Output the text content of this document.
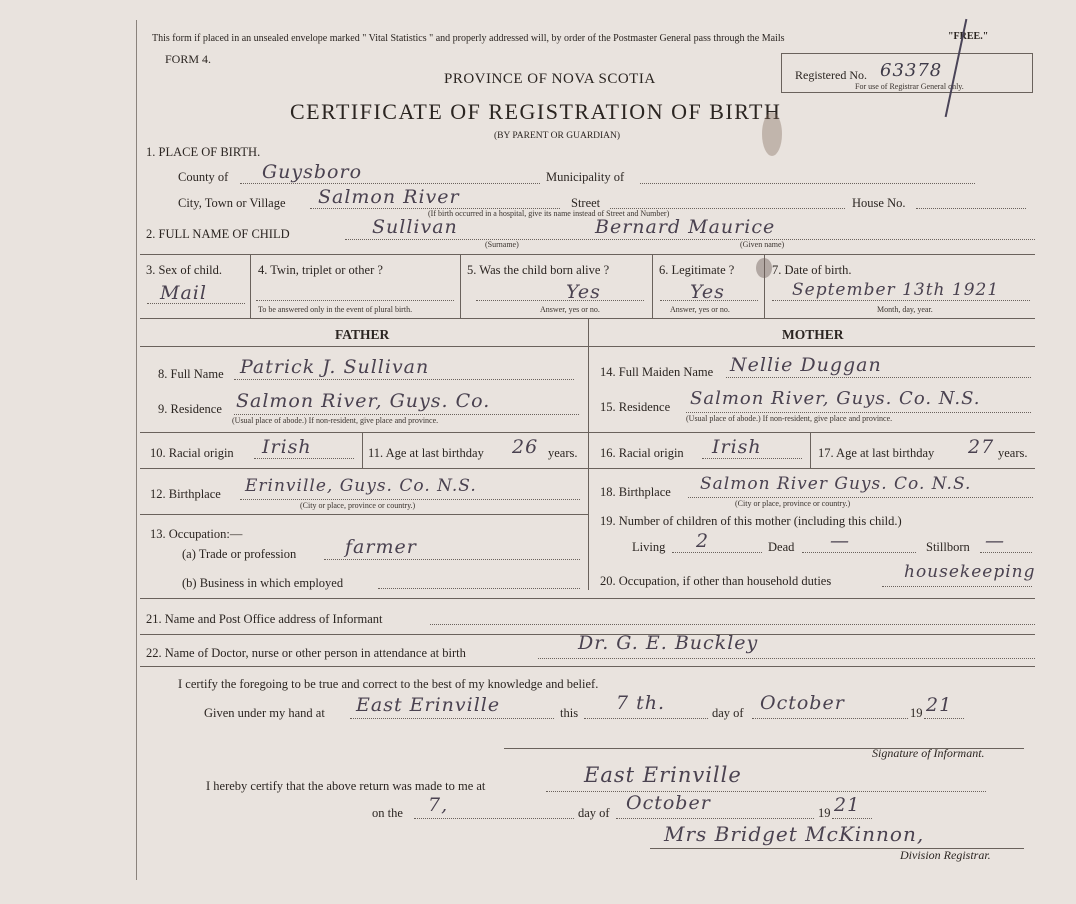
This form if placed in an unsealed envelope marked " Vital Statistics " and properly addressed will, by order of the Postmaster General pass through the Mails	"FREE."
FORM 4.
PROVINCE OF NOVA SCOTIA
CERTIFICATE OF REGISTRATION OF BIRTH
(BY PARENT OR GUARDIAN)
Registered No. 63378
For use of Registrar General only.
1. PLACE OF BIRTH.
County of Guysboro	Municipality of
City, Town or Village Salmon River	Street	House No.
(If birth occurred in a hospital, give its name instead of Street and Number)
2. FULL NAME OF CHILD	Sullivan	Bernard Maurice
(Surname)	(Given name)
3. Sex of child.
Mail
4. Twin, triplet or other ?
To be answered only in the event of plural birth.
5. Was the child born alive ?
Yes
Answer, yes or no.
6. Legitimate ?
Yes
Answer, yes or no.
7. Date of birth.
September 13th 1921
Month, day, year.
FATHER	MOTHER
8. Full Name Patrick J. Sullivan
9. Residence Salmon River, Guys. Co.
(Usual place of abode.) If non-resident, give place and province.
10. Racial origin Irish	11. Age at last birthday 26 years.
12. Birthplace Erinville, Guys. Co. N.S.
(City or place, province or country.)
13. Occupation:—
(a) Trade or profession	farmer
(b) Business in which employed
14. Full Maiden Name Nellie Duggan
15. Residence Salmon River, Guys. Co. N.S.
(Usual place of abode.) If non-resident, give place and province.
16. Racial origin Irish	17. Age at last birthday 27 years.
18. Birthplace Salmon River Guys. Co. N.S.
(City or place, province or country.)
19. Number of children of this mother (including this child.)
Living 2	Dead —	Stillborn —
20. Occupation, if other than household duties	housekeeping
21. Name and Post Office address of Informant
22. Name of Doctor, nurse or other person in attendance at birth	Dr. G. E. Buckley
I certify the foregoing to be true and correct to the best of my knowledge and belief.
Given under my hand at East Erinville	this 7 th.	day of October	19 21
Signature of Informant.
I hereby certify that the above return was made to me at	East Erinville
on the 7,	day of October	19 21
Mrs Bridget McKinnon,
Division Registrar.
